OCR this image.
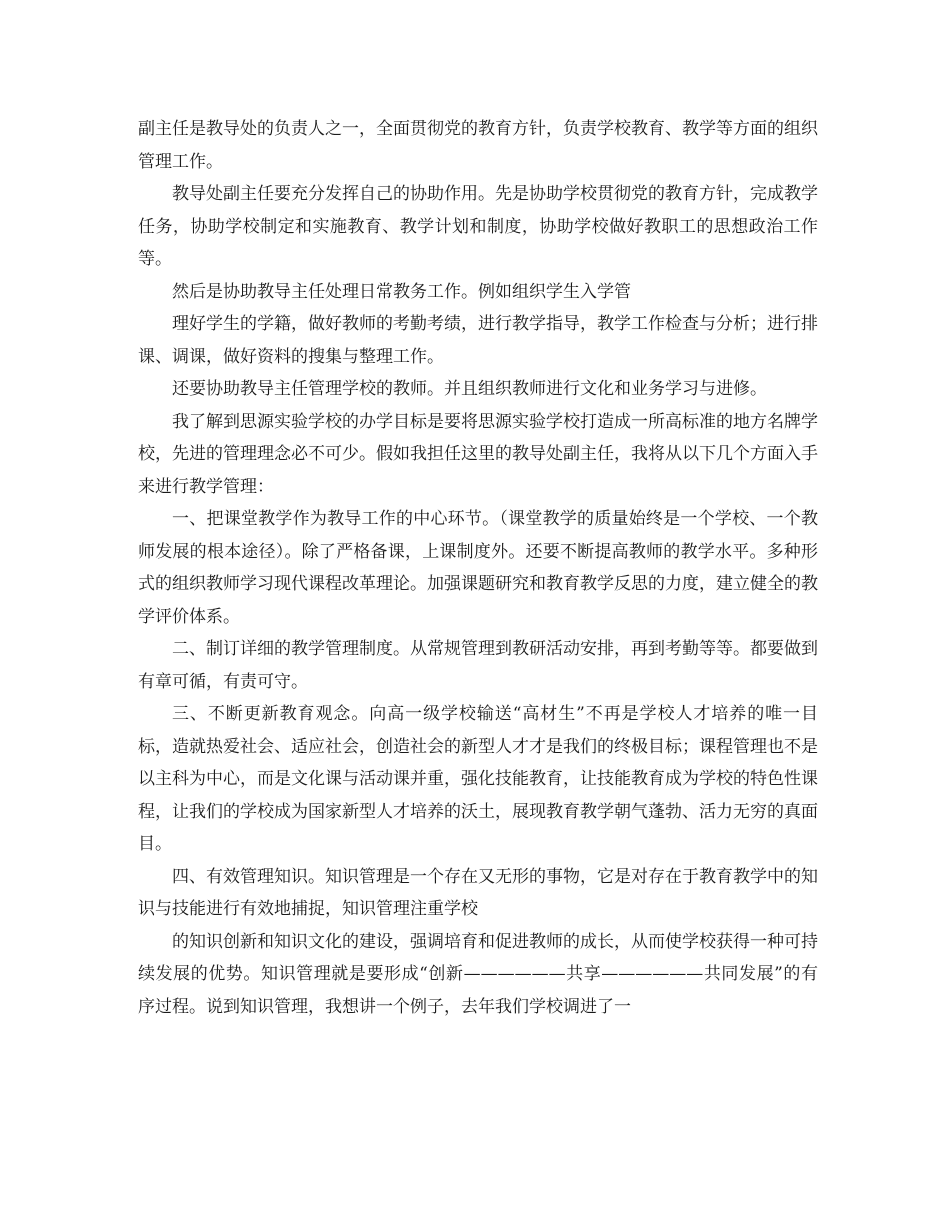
副主任是教导处的负责人之一，全面贯彻党的教育方针，负责学校教育、教学等方面的组织管理工作。

教导处副主任要充分发挥自己的协助作用。先是协助学校贯彻党的教育方针，完成教学任务，协助学校制定和实施教育、教学计划和制度，协助学校做好教职工的思想政治工作等。

然后是协助教导主任处理日常教务工作。例如组织学生入学管

理好学生的学籍，做好教师的考勤考绩，进行教学指导，教学工作检查与分析；进行排课、调课，做好资料的搜集与整理工作。

还要协助教导主任管理学校的教师。并且组织教师进行文化和业务学习与进修。

我了解到思源实验学校的办学目标是要将思源实验学校打造成一所高标准的地方名牌学校，先进的管理理念必不可少。假如我担任这里的教导处副主任，我将从以下几个方面入手来进行教学管理：

一、把课堂教学作为教导工作的中心环节。（课堂教学的质量始终是一个学校、一个教师发展的根本途径）。除了严格备课，上课制度外。还要不断提高教师的教学水平。多种形式的组织教师学习现代课程改革理论。加强课题研究和教育教学反思的力度，建立健全的教学评价体系。

二、制订详细的教学管理制度。从常规管理到教研活动安排，再到考勤等等。都要做到有章可循，有责可守。

三、不断更新教育观念。向高一级学校输送“高材生”不再是学校人才培养的唯一目标，造就热爱社会、适应社会，创造社会的新型人才才是我们的终极目标；课程管理也不是以主科为中心，而是文化课与活动课并重，强化技能教育，让技能教育成为学校的特色性课程，让我们的学校成为国家新型人才培养的沃土，展现教育教学朝气蓬勃、活力无穷的真面目。

四、有效管理知识。知识管理是一个存在又无形的事物，它是对存在于教育教学中的知识与技能进行有效地捕捉，知识管理注重学校

的知识创新和知识文化的建设，强调培育和促进教师的成长，从而使学校获得一种可持续发展的优势。知识管理就是要形成“创新——————共享——————共同发展”的有序过程。说到知识管理，我想讲一个例子，去年我们学校调进了一
